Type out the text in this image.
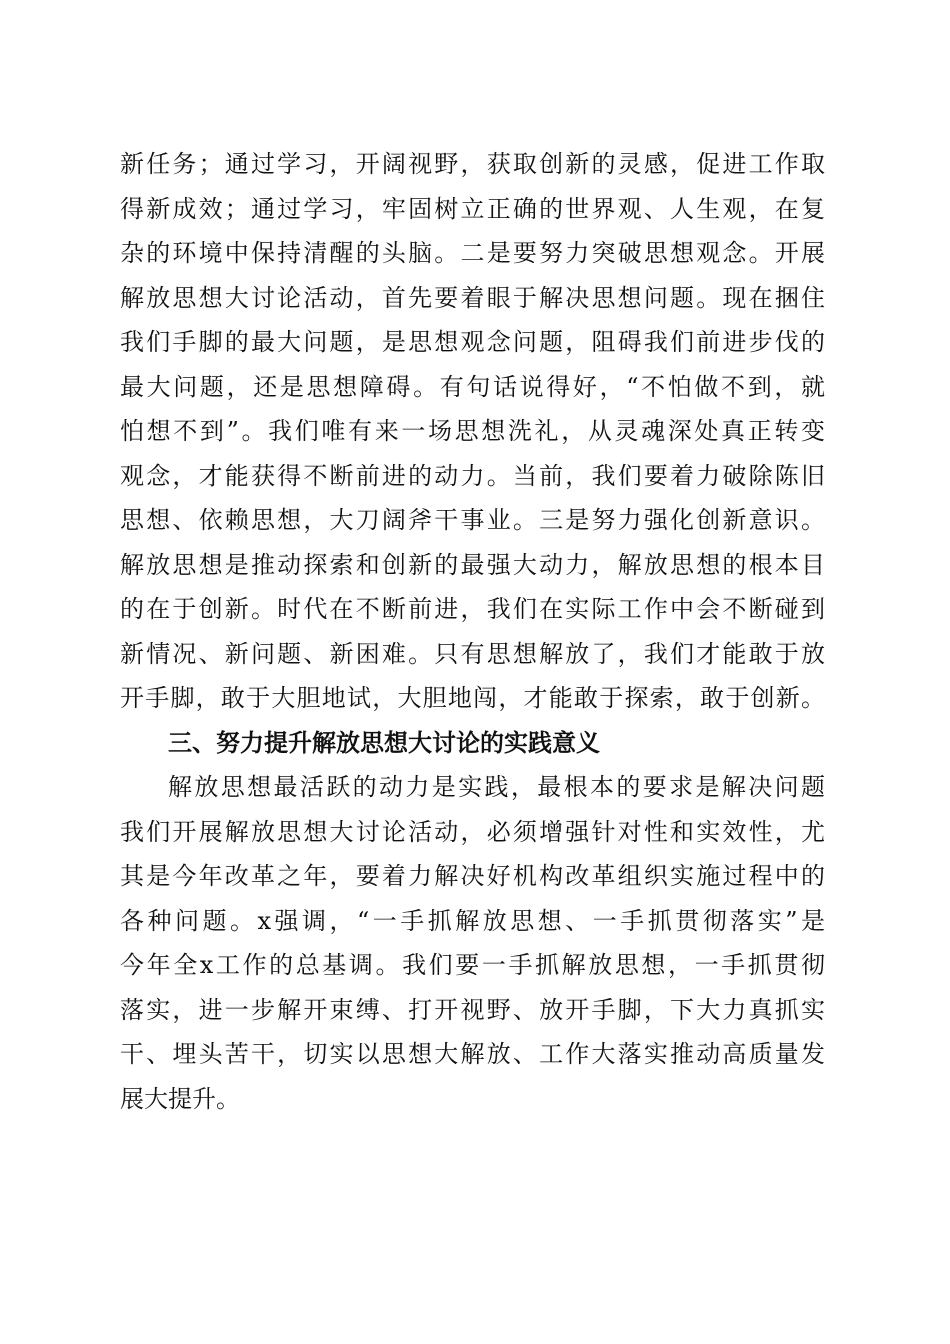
新任务；通过学习，开阔视野，获取创新的灵感，促进工作取
得新成效；通过学习，牢固树立正确的世界观、人生观，在复
杂的环境中保持清醒的头脑。二是要努力突破思想观念。开展
解放思想大讨论活动，首先要着眼于解决思想问题。现在捆住
我们手脚的最大问题，是思想观念问题，阻碍我们前进步伐的
最大问题，还是思想障碍。有句话说得好，“不怕做不到，就
怕想不到”。我们唯有来一场思想洗礼，从灵魂深处真正转变
观念，才能获得不断前进的动力。当前，我们要着力破除陈旧
思想、依赖思想，大刀阔斧干事业。三是努力强化创新意识。
解放思想是推动探索和创新的最强大动力，解放思想的根本目
的在于创新。时代在不断前进，我们在实际工作中会不断碰到
新情况、新问题、新困难。只有思想解放了，我们才能敢于放
开手脚，敢于大胆地试，大胆地闯，才能敢于探索，敢于创新。
三、努力提升解放思想大讨论的实践意义
解放思想最活跃的动力是实践，最根本的要求是解决问题
我们开展解放思想大讨论活动，必须增强针对性和实效性，尤
其是今年改革之年，要着力解决好机构改革组织实施过程中的
各种问题。x强调，“一手抓解放思想、一手抓贯彻落实”是
今年全x工作的总基调。我们要一手抓解放思想，一手抓贯彻
落实，进一步解开束缚、打开视野、放开手脚，下大力真抓实
干、埋头苦干，切实以思想大解放、工作大落实推动高质量发
展大提升。
